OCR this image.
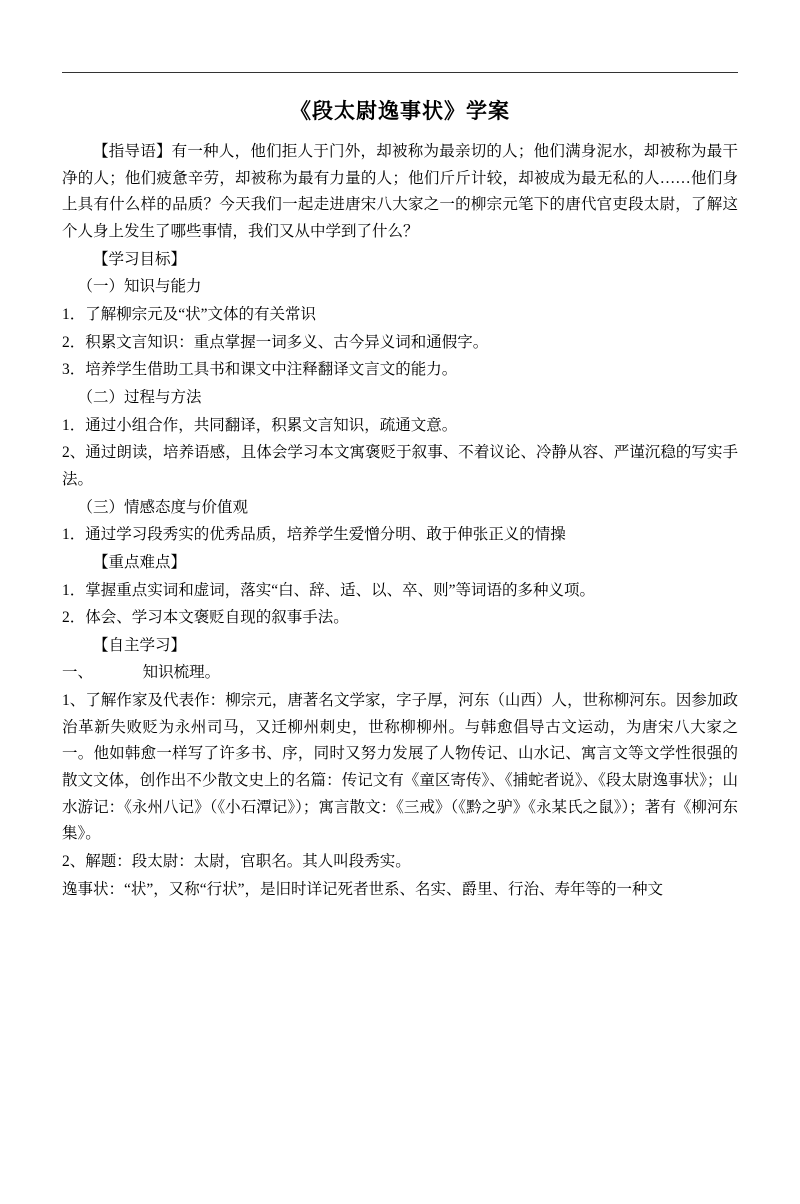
《段太尉逸事状》学案

【指导语】有一种人，他们拒人于门外，却被称为最亲切的人；他们满身泥水，却被称为最干净的人；他们疲惫辛劳，却被称为最有力量的人；他们斤斤计较，却被成为最无私的人……他们身上具有什么样的品质？今天我们一起走进唐宋八大家之一的柳宗元笔下的唐代官吏段太尉，了解这个人身上发生了哪些事情，我们又从中学到了什么？

【学习目标】

（一）知识与能力

1．了解柳宗元及“状”文体的有关常识

2．积累文言知识：重点掌握一词多义、古今异义词和通假字。

3．培养学生借助工具书和课文中注释翻译文言文的能力。

（二）过程与方法

1．通过小组合作，共同翻译，积累文言知识，疏通文意。

2、通过朗读，培养语感，且体会学习本文寓褒贬于叙事、不着议论、冷静从容、严谨沉稳的写实手法。

（三）情感态度与价值观

1．通过学习段秀实的优秀品质，培养学生爱憎分明、敢于伸张正义的情操

【重点难点】

1．掌握重点实词和虚词，落实“白、辞、适、以、卒、则”等词语的多种义项。

2．体会、学习本文褒贬自现的叙事手法。

【自主学习】

一、	知识梳理。

1、了解作家及代表作：柳宗元，唐著名文学家，字子厚，河东（山西）人，世称柳河东。因参加政治革新失败贬为永州司马，又迁柳州刺史，世称柳柳州。与韩愈倡导古文运动，为唐宋八大家之一。他如韩愈一样写了许多书、序，同时又努力发展了人物传记、山水记、寓言文等文学性很强的散文文体，创作出不少散文史上的名篇：传记文有《童区寄传》、《捕蛇者说》、《段太尉逸事状》；山水游记：《永州八记》（《小石潭记》）；寓言散文：《三戒》（《黔之驴》《永某氏之鼠》）；著有《柳河东集》。

2、解题：段太尉：太尉，官职名。其人叫段秀实。

逸事状：“状”，又称“行状”，是旧时详记死者世系、名实、爵里、行治、寿年等的一种文
